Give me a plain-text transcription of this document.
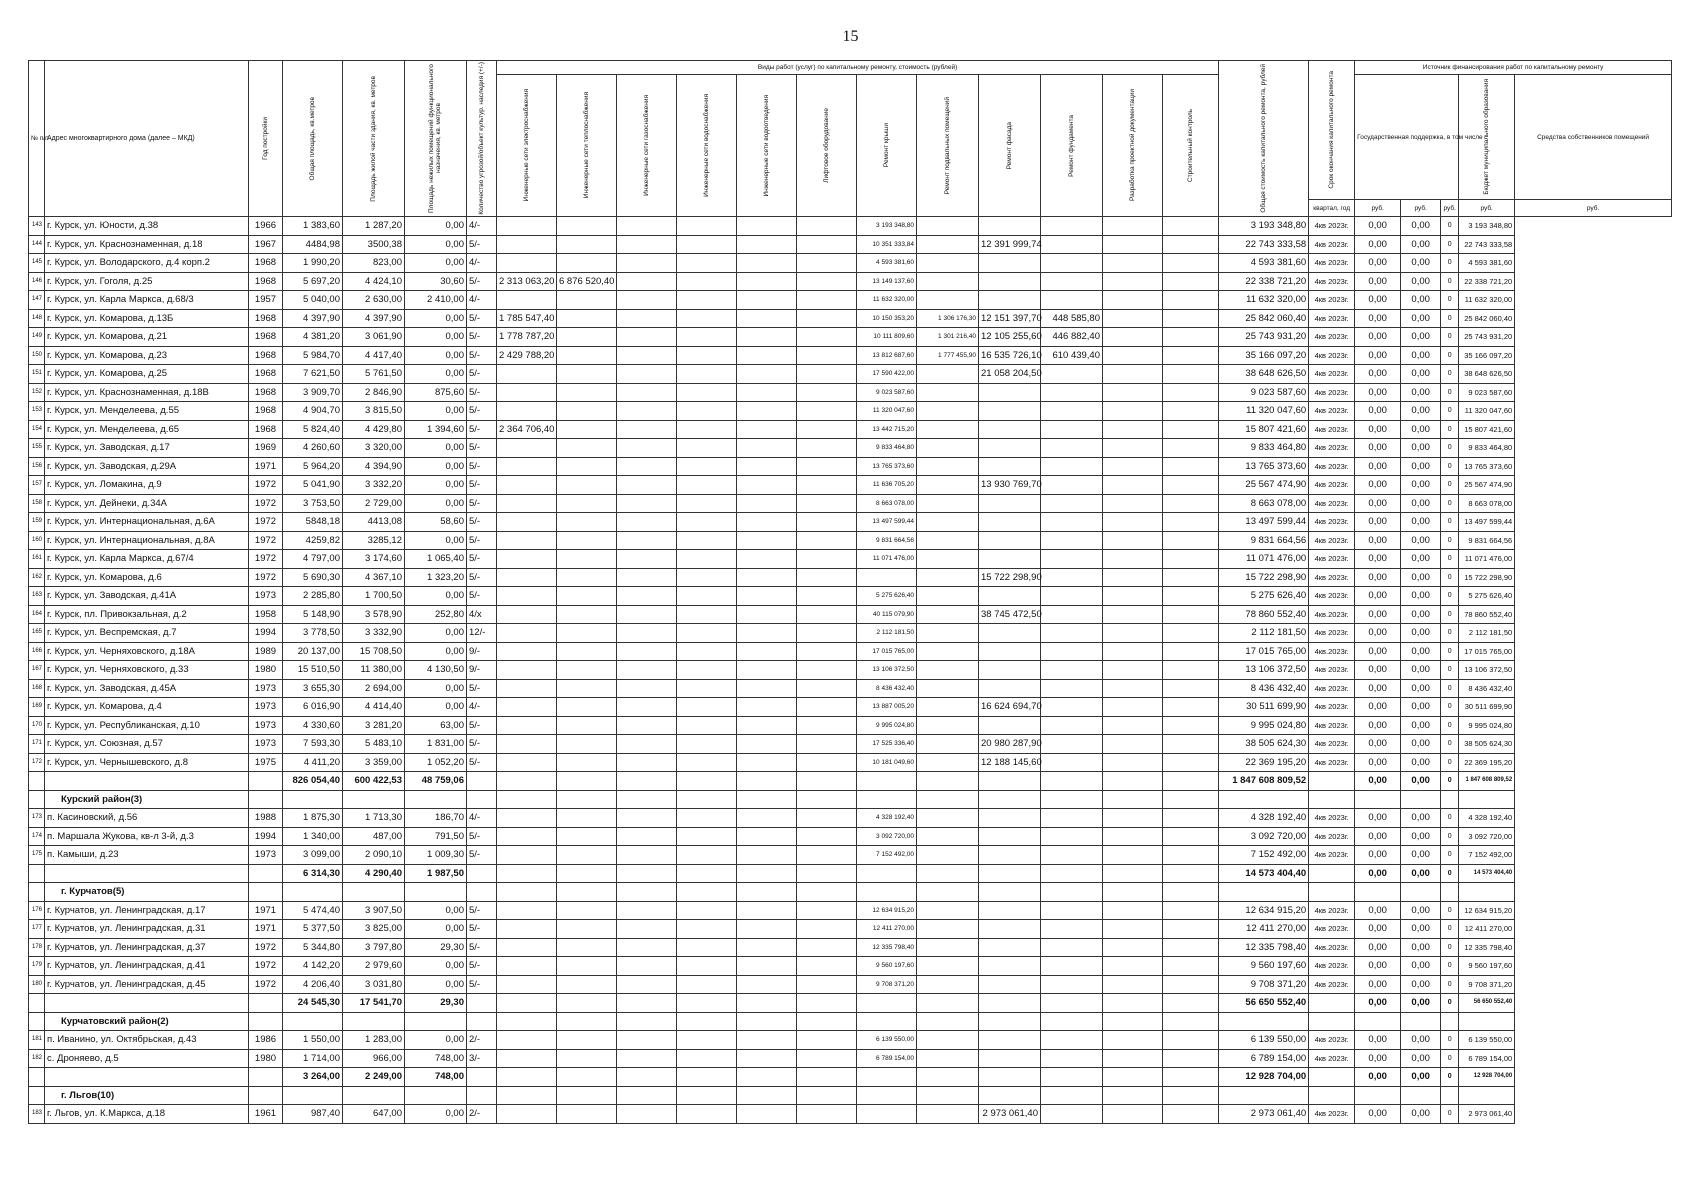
15
№ п/п	Адрес многоквартирного дома (далее – МКД)	Год постройки	Общая площадь, кв.метров	Площадь жилой части здания, кв. метров	Площадь нежилых помещений функционального назначения, кв. метров	Количество угрозой/объект культур. наследия (+/-)	Виды работ (услуг) по капитальному ремонту, стоимость (рублей)												Общая стоимость капитального ремонта, рублей	Срок окончания капитального ремонта	Источник финансирования работ по капитальному ремонту				

							Инженерные сети электроснабжения	Инженерные сети теплоснабжения	Инженерные сети газоснабжения	Инженерные сети водоснабжения	Инженерные сети водоотведения	Лифтовое оборудование	Ремонт крыши	Ремонт подвальных помещений	Ремонт фасада	Ремонт фундамента	Разработка проектной документации	Строительный контроль			Государственная поддержка, в том числе			Бюджет муниципального образования	Средства собственников помещений
																				квартал, год	руб.	руб.	руб.	руб.	руб.
143	г. Курск, ул. Юности, д.38	1966	1 383,60	1 287,20	0,00	4/-							3 193 348,80						3 193 348,80	4кв 2023г.	0,00	0,00	0	3 193 348,80	
144	г. Курск, ул. Краснознаменная, д.18	1967	4484,98	3500,38	0,00	5/-							10 351 333,84		12 391 999,74				22 743 333,58	4кв 2023г.	0,00	0,00	0	22 743 333,58	
145	г. Курск, ул. Володарского, д.4 корп.2	1968	1 990,20	823,00	0,00	4/-							4 593 381,60						4 593 381,60	4кв 2023г.	0,00	0,00	0	4 593 381,60	
146	г. Курск, ул. Гоголя, д.25	1968	5 697,20	4 424,10	30,60	5/-	2 313 063,20	6 876 520,40					13 149 137,60						22 338 721,20	4кв 2023г.	0,00	0,00	0	22 338 721,20	
147	г. Курск, ул. Карла Маркса, д.68/3	1957	5 040,00	2 630,00	2 410,00	4/-							11 632 320,00						11 632 320,00	4кв 2023г.	0,00	0,00	0	11 632 320,00	
148	г. Курск, ул. Комарова, д.13Б	1968	4 397,90	4 397,90	0,00	5/-	1 785 547,40						10 150 353,20	1 306 176,30	12 151 397,70	448 585,80			25 842 060,40	4кв 2023г.	0,00	0,00	0	25 842 060,40	
149	г. Курск, ул. Комарова, д.21	1968	4 381,20	3 061,90	0,00	5/-	1 778 787,20						10 111 809,60	1 301 216,40	12 105 255,60	446 882,40			25 743 931,20	4кв 2023г.	0,00	0,00	0	25 743 931,20	
150	г. Курск, ул. Комарова, д.23	1968	5 984,70	4 417,40	0,00	5/-	2 429 788,20						13 812 687,60	1 777 455,90	16 535 726,10	610 439,40			35 166 097,20	4кв 2023г.	0,00	0,00	0	35 166 097,20	
151	г. Курск, ул. Комарова, д.25	1968	7 621,50	5 761,50	0,00	5/-							17 590 422,00		21 058 204,50				38 648 626,50	4кв 2023г.	0,00	0,00	0	38 648 626,50	
152	г. Курск, ул. Краснознаменная, д.18В	1968	3 909,70	2 846,90	875,60	5/-							9 023 587,60						9 023 587,60	4кв 2023г.	0,00	0,00	0	9 023 587,60	
153	г. Курск, ул. Менделеева, д.55	1968	4 904,70	3 815,50	0,00	5/-							11 320 047,60						11 320 047,60	4кв 2023г.	0,00	0,00	0	11 320 047,60	
154	г. Курск, ул. Менделеева, д.65	1968	5 824,40	4 429,80	1 394,60	5/-	2 364 706,40						13 442 715,20						15 807 421,60	4кв 2023г.	0,00	0,00	0	15 807 421,60	
155	г. Курск, ул. Заводская, д.17	1969	4 260,60	3 320,00	0,00	5/-							9 833 464,80						9 833 464,80	4кв 2023г.	0,00	0,00	0	9 833 464,80	
156	г. Курск, ул. Заводская, д.29А	1971	5 964,20	4 394,90	0,00	5/-							13 765 373,60						13 765 373,60	4кв 2023г.	0,00	0,00	0	13 765 373,60	
157	г. Курск, ул. Ломакина, д.9	1972	5 041,90	3 332,20	0,00	5/-							11 636 705,20		13 930 769,70				25 567 474,90	4кв 2023г.	0,00	0,00	0	25 567 474,90	
158	г. Курск, ул. Дейнеки, д.34А	1972	3 753,50	2 729,00	0,00	5/-							8 663 078,00						8 663 078,00	4кв 2023г.	0,00	0,00	0	8 663 078,00	
159	г. Курск, ул. Интернациональная, д.6А	1972	5848,18	4413,08	58,60	5/-							13 497 599,44						13 497 599,44	4кв 2023г.	0,00	0,00	0	13 497 599,44	
160	г. Курск, ул. Интернациональная, д.8А	1972	4259,82	3285,12	0,00	5/-							9 831 664,56						9 831 664,56	4кв 2023г.	0,00	0,00	0	9 831 664,56	
161	г. Курск, ул. Карла Маркса, д.67/4	1972	4 797,00	3 174,60	1 065,40	5/-							11 071 476,00						11 071 476,00	4кв 2023г.	0,00	0,00	0	11 071 476,00	
162	г. Курск, ул. Комарова, д.6	1972	5 690,30	4 367,10	1 323,20	5/-									15 722 298,90				15 722 298,90	4кв 2023г.	0,00	0,00	0	15 722 298,90	
163	г. Курск, ул. Заводская, д.41А	1973	2 285,80	1 700,50	0,00	5/-							5 275 626,40						5 275 626,40	4кв 2023г.	0,00	0,00	0	5 275 626,40	
164	г. Курск, пл. Привокзальная, д.2	1958	5 148,90	3 578,90	252,80	4/х							40 115 079,90		38 745 472,50				78 860 552,40	4кв.2023г.	0,00	0,00	0	78 860 552,40	
165	г. Курск, ул. Веспремская, д.7	1994	3 778,50	3 332,90	0,00	12/-							2 112 181,50						2 112 181,50	4кв 2023г.	0,00	0,00	0	2 112 181,50	
166	г. Курск, ул. Черняховского, д.18А	1989	20 137,00	15 708,50	0,00	9/-							17 015 765,00						17 015 765,00	4кв.2023г.	0,00	0,00	0	17 015 765,00	
167	г. Курск, ул. Черняховского, д.33	1980	15 510,50	11 380,00	4 130,50	9/-							13 106 372,50						13 106 372,50	4кв 2023г.	0,00	0,00	0	13 106 372,50	
168	г. Курск, ул. Заводская, д.45А	1973	3 655,30	2 694,00	0,00	5/-							8 436 432,40						8 436 432,40	4кв 2023г.	0,00	0,00	0	8 436 432,40	
169	г. Курск, ул. Комарова, д.4	1973	6 016,90	4 414,40	0,00	4/-							13 887 005,20		16 624 694,70				30 511 699,90	4кв 2023г.	0,00	0,00	0	30 511 699,90	
170	г. Курск, ул. Республиканская, д.10	1973	4 330,60	3 281,20	63,00	5/-							9 995 024,80						9 995 024,80	4кв 2023г.	0,00	0,00	0	9 995 024,80	
171	г. Курск, ул. Союзная, д.57	1973	7 593,30	5 483,10	1 831,00	5/-							17 525 336,40		20 980 287,90				38 505 624,30	4кв 2023г.	0,00	0,00	0	38 505 624,30	
172	г. Курск, ул. Чернышевского, д.8	1975	4 411,20	3 359,00	1 052,20	5/-							10 181 049,60		12 188 145,60				22 369 195,20	4кв 2023г.	0,00	0,00	0	22 369 195,20	
			826 054,40	600 422,53	48 759,06														1 847 608 809,52		0,00	0,00	0	1 847 608 809,52	
	Курский район(3)																								
173	п. Касиновский, д.56	1988	1 875,30	1 713,30	186,70	4/-							4 328 192,40						4 328 192,40	4кв 2023г.	0,00	0,00	0	4 328 192,40	
174	п. Маршала Жукова, кв-л 3-й, д.3	1994	1 340,00	487,00	791,50	5/-							3 092 720,00						3 092 720,00	4кв 2023г.	0,00	0,00	0	3 092 720,00	
175	п. Камыши, д.23	1973	3 099,00	2 090,10	1 009,30	5/-							7 152 492,00						7 152 492,00	4кв 2023г.	0,00	0,00	0	7 152 492,00	
			6 314,30	4 290,40	1 987,50														14 573 404,40		0,00	0,00	0	14 573 404,40	
	г. Курчатов(5)																								
176	г. Курчатов, ул. Ленинградская, д.17	1971	5 474,40	3 907,50	0,00	5/-							12 634 915,20						12 634 915,20	4кв 2023г.	0,00	0,00	0	12 634 915,20	
177	г. Курчатов, ул. Ленинградская, д.31	1971	5 377,50	3 825,00	0,00	5/-							12 411 270,00						12 411 270,00	4кв 2023г.	0,00	0,00	0	12 411 270,00	
178	г. Курчатов, ул. Ленинградская, д.37	1972	5 344,80	3 797,80	29,30	5/-							12 335 798,40						12 335 798,40	4кв.2023г.	0,00	0,00	0	12 335 798,40	
179	г. Курчатов, ул. Ленинградская, д.41	1972	4 142,20	2 979,60	0,00	5/-							9 560 197,60						9 560 197,60	4кв 2023г.	0,00	0,00	0	9 560 197,60	
180	г. Курчатов, ул. Ленинградская, д.45	1972	4 206,40	3 031,80	0,00	5/-							9 708 371,20						9 708 371,20	4кв 2023г.	0,00	0,00	0	9 708 371,20	
			24 545,30	17 541,70	29,30														56 650 552,40		0,00	0,00	0	56 650 552,40	
	Курчатовский район(2)																								
181	п. Иванино, ул. Октябрьская, д.43	1986	1 550,00	1 283,00	0,00	2/-							6 139 550,00						6 139 550,00	4кв 2023г.	0,00	0,00	0	6 139 550,00	
182	с. Дроняево, д.5	1980	1 714,00	966,00	748,00	3/-							6 789 154,00						6 789 154,00	4кв 2023г.	0,00	0,00	0	6 789 154,00	
			3 264,00	2 249,00	748,00														12 928 704,00		0,00	0,00	0	12 928 704,00	
	г. Льгов(10)																								
183	г. Льгов, ул. К.Маркса, д.18	1961	987,40	647,00	0,00	2/-									2 973 061,40				2 973 061,40	4кв 2023г.	0,00	0,00	0	2 973 061,40	
